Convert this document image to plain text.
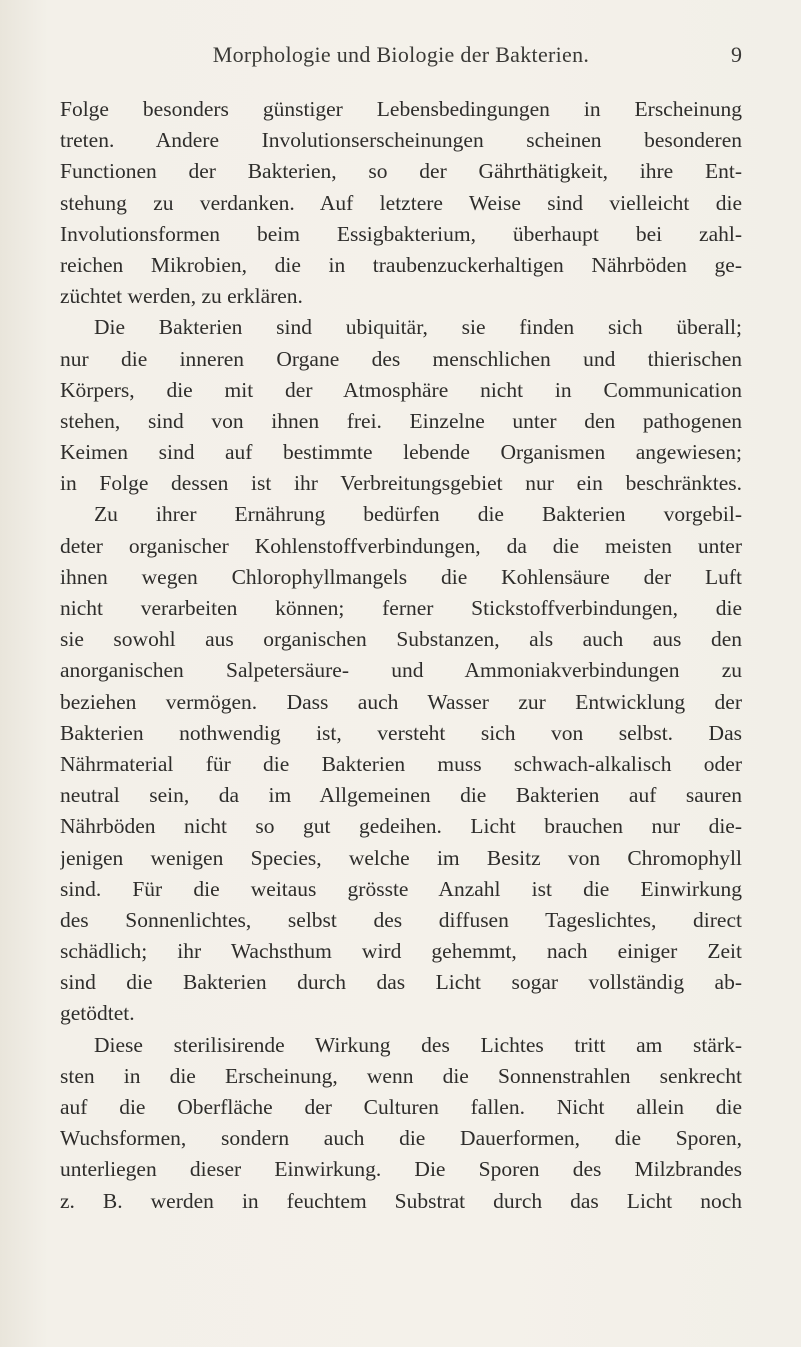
Morphologie und Biologie der Bakterien.	9
Folge besonders günstiger Lebensbedingungen in Erscheinung
treten. Andere Involutionserscheinungen scheinen besonderen
Functionen der Bakterien, so der Gährthätigkeit, ihre Ent-
stehung zu verdanken. Auf letztere Weise sind vielleicht die
Involutionsformen beim Essigbakterium, überhaupt bei zahl-
reichen Mikrobien, die in traubenzuckerhaltigen Nährböden ge-
züchtet werden, zu erklären.
Die Bakterien sind ubiquitär, sie finden sich überall;
nur die inneren Organe des menschlichen und thierischen
Körpers, die mit der Atmosphäre nicht in Communication
stehen, sind von ihnen frei. Einzelne unter den pathogenen
Keimen sind auf bestimmte lebende Organismen angewiesen;
in Folge dessen ist ihr Verbreitungsgebiet nur ein beschränktes.
Zu ihrer Ernährung bedürfen die Bakterien vorgebil-
deter organischer Kohlenstoffverbindungen, da die meisten unter
ihnen wegen Chlorophyllmangels die Kohlensäure der Luft
nicht verarbeiten können; ferner Stickstoffverbindungen, die
sie sowohl aus organischen Substanzen, als auch aus den
anorganischen Salpetersäure- und Ammoniakverbindungen zu
beziehen vermögen. Dass auch Wasser zur Entwicklung der
Bakterien nothwendig ist, versteht sich von selbst. Das
Nährmaterial für die Bakterien muss schwach-alkalisch oder
neutral sein, da im Allgemeinen die Bakterien auf sauren
Nährböden nicht so gut gedeihen. Licht brauchen nur die-
jenigen wenigen Species, welche im Besitz von Chromophyll
sind. Für die weitaus grösste Anzahl ist die Einwirkung
des Sonnenlichtes, selbst des diffusen Tageslichtes, direct
schädlich; ihr Wachsthum wird gehemmt, nach einiger Zeit
sind die Bakterien durch das Licht sogar vollständig ab-
getödtet.
Diese sterilisirende Wirkung des Lichtes tritt am stärk-
sten in die Erscheinung, wenn die Sonnenstrahlen senkrecht
auf die Oberfläche der Culturen fallen. Nicht allein die
Wuchsformen, sondern auch die Dauerformen, die Sporen,
unterliegen dieser Einwirkung. Die Sporen des Milzbrandes
z. B. werden in feuchtem Substrat durch das Licht noch
